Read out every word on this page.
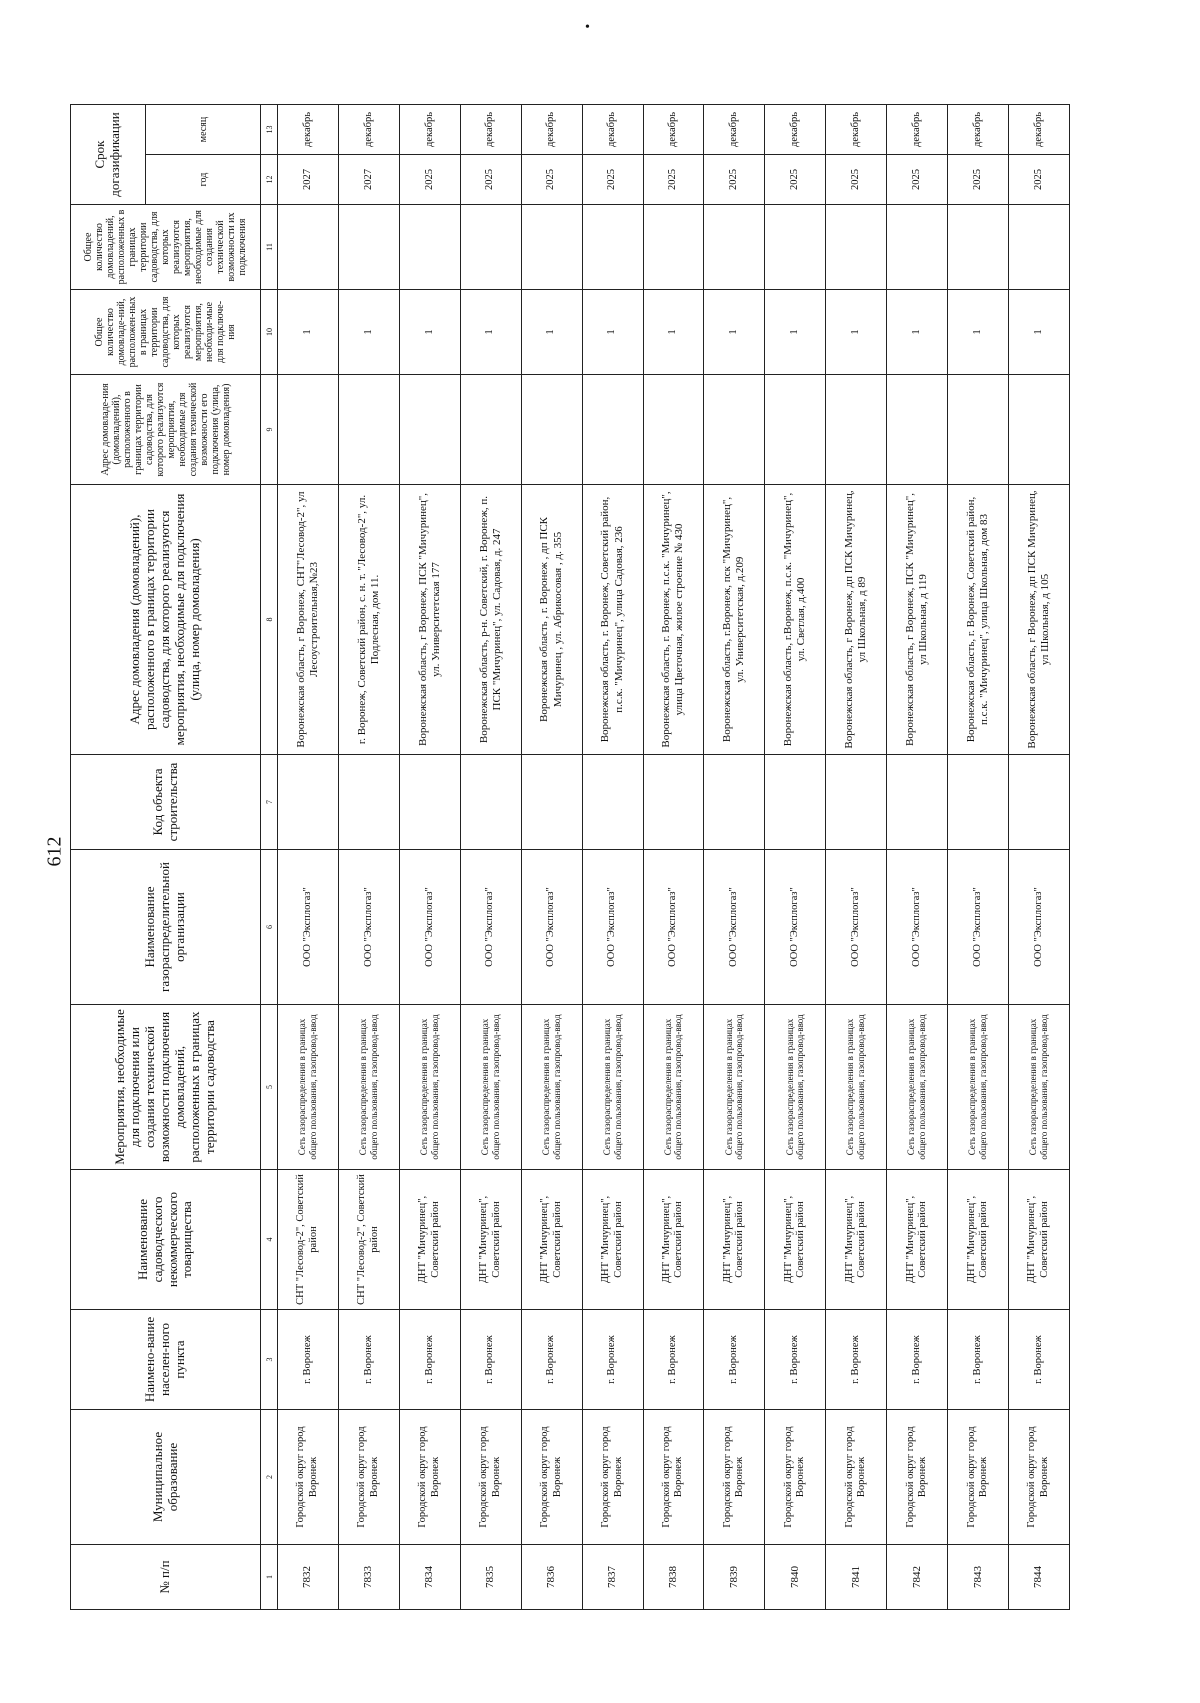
612
•
№ п/п	Муниципальное образование	Наимено-вание населен-ного пункта	Наименование садоводческого некоммерческого товарищества	Мероприятия, необходимые для подключения или создания технической возможности подключения домовладений, расположенных в границах территории садоводства	Наименование газораспределительной организации	Код объекта строительства	Адрес домовладения (домовладений), расположенного в границах территории садоводства, для которого реализуются мероприятия, необходимые для подключения (улица, номер домовладения)	Адрес домовладе-ния (домовладений), расположенного в границах территории садоводства, для которого реализуются мероприятия, необходимые для создания технической возможности его подключения (улица, номер домовладения)	Общее количество домовладе-ний, расположен-ных в границах территории садоводства, для которых реализуются мероприятия, необходи-мые для подключе-ния	Общее количество домовладений, расположенных в границах территории садоводства, для которых реализуются мероприятия, необходимые для создания технической возможности их подключения	Срок догазификации	
											год	месяц
1	2	3	4	5	6	7	8	9	10	11	12	13
7832	Городской округ город Воронеж	г. Воронеж	СНТ "Лесовод-2", Советский район	Сеть газораспределения в границах общего пользования, газопровод-ввод	ООО "Эксплогаз"		Воронежская область, г Воронеж, СНТ"Лесовод-2", ул Лесоустроительная,№23		1		2027	декабрь
7833	Городской округ город Воронеж	г. Воронеж	СНТ "Лесовод-2", Советский район	Сеть газораспределения в границах общего пользования, газопровод-ввод	ООО "Эксплогаз"		г. Воронеж, Советский район, с. н. т. "Лесовод-2", ул. Подлесная, дом 11.		1		2027	декабрь
7834	Городской округ город Воронеж	г. Воронеж	ДНТ "Мичуринец", Советский район	Сеть газораспределения в границах общего пользования, газопровод-ввод	ООО "Эксплогаз"		Воронежская область, г Воронеж, ПСК "Мичуринец", ул. Университетская 177		1		2025	декабрь
7835	Городской округ город Воронеж	г. Воронеж	ДНТ "Мичуринец", Советский район	Сеть газораспределения в границах общего пользования, газопровод-ввод	ООО "Эксплогаз"		Воронежская область, р-н. Советский, г. Воронеж, п. ПСК "Мичуринец", ул. Садовая, д. 247		1		2025	декабрь
7836	Городской округ город Воронеж	г. Воронеж	ДНТ "Мичуринец", Советский район	Сеть газораспределения в границах общего пользования, газопровод-ввод	ООО "Эксплогаз"		Воронежская область , г. Воронеж , дп ПСК Мичуринец , ул. Абрикосовая , д. 355		1		2025	декабрь
7837	Городской округ город Воронеж	г. Воронеж	ДНТ "Мичуринец", Советский район	Сеть газораспределения в границах общего пользования, газопровод-ввод	ООО "Эксплогаз"		Воронежская область, г. Воронеж, Советский район, п.с.к. "Мичуринец", улица Садовая, 236		1		2025	декабрь
7838	Городской округ город Воронеж	г. Воронеж	ДНТ "Мичуринец", Советский район	Сеть газораспределения в границах общего пользования, газопровод-ввод	ООО "Эксплогаз"		Воронежская область, г. Воронеж, п.с.к. "Мичуринец", улица Цветочная, жилое строение № 430		1		2025	декабрь
7839	Городской округ город Воронеж	г. Воронеж	ДНТ "Мичуринец", Советский район	Сеть газораспределения в границах общего пользования, газопровод-ввод	ООО "Эксплогаз"		Воронежская область, г.Воронеж, пск "Мичуринец", ул. Университетская, д.209		1		2025	декабрь
7840	Городской округ город Воронеж	г. Воронеж	ДНТ "Мичуринец", Советский район	Сеть газораспределения в границах общего пользования, газопровод-ввод	ООО "Эксплогаз"		Воронежская область, г.Воронеж, п.с.к. "Мичуринец", ул. Светлая, д.400		1		2025	декабрь
7841	Городской округ город Воронеж	г. Воронеж	ДНТ "Мичуринец", Советский район	Сеть газораспределения в границах общего пользования, газопровод-ввод	ООО "Эксплогаз"		Воронежская область, г Воронеж, дп ПСК Мичуринец, ул Школьная, д 89		1		2025	декабрь
7842	Городской округ город Воронеж	г. Воронеж	ДНТ "Мичуринец", Советский район	Сеть газораспределения в границах общего пользования, газопровод-ввод	ООО "Эксплогаз"		Воронежская область, г Воронеж, ПСК "Мичуринец", ул Школьная, д 119		1		2025	декабрь
7843	Городской округ город Воронеж	г. Воронеж	ДНТ "Мичуринец", Советский район	Сеть газораспределения в границах общего пользования, газопровод-ввод	ООО "Эксплогаз"		Воронежская область, г. Воронеж, Советский район, п.с.к. "Мичуринец", улица Школьная, дом 83		1		2025	декабрь
7844	Городской округ город Воронеж	г. Воронеж	ДНТ "Мичуринец", Советский район	Сеть газораспределения в границах общего пользования, газопровод-ввод	ООО "Эксплогаз"		Воронежская область, г Воронеж, дп ПСК Мичуринец, ул Школьная, д 105		1		2025	декабрь
